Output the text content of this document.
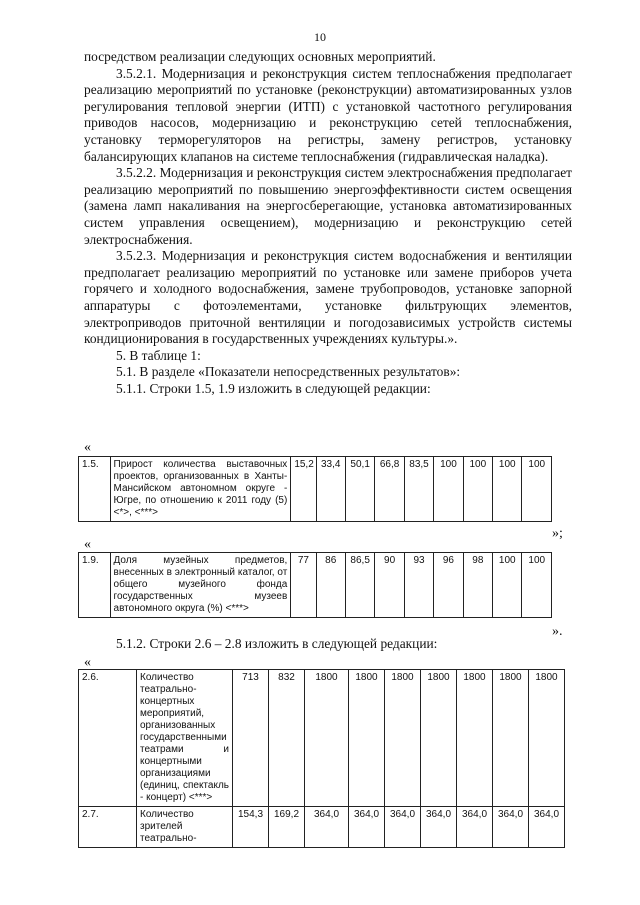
10

посредством реализации следующих основных мероприятий.

3.5.2.1. Модернизация и реконструкция систем теплоснабжения предполагает реализацию мероприятий по установке (реконструкции) автоматизированных узлов регулирования тепловой энергии (ИТП) с установкой частотного регулирования приводов насосов, модернизацию и реконструкцию сетей теплоснабжения, установку терморегуляторов на регистры, замену регистров, установку балансирующих клапанов на системе теплоснабжения (гидравлическая наладка).

3.5.2.2. Модернизация и реконструкция систем электроснабжения предполагает реализацию мероприятий по повышению энергоэффективности систем освещения (замена ламп накаливания на энергосберегающие, установка автоматизированных систем управления освещением), модернизацию и реконструкцию сетей электроснабжения.

3.5.2.3. Модернизация и реконструкция систем водоснабжения и вентиляции предполагает реализацию мероприятий по установке или замене приборов учета горячего и холодного водоснабжения, замене трубопроводов, установке запорной аппаратуры с фотоэлементами, установке фильтрующих элементов, электроприводов приточной вентиляции и погодозависимых устройств системы кондиционирования в государственных учреждениях культуры.».

5. В таблице 1:

5.1. В разделе «Показатели непосредственных результатов»:

5.1.1. Строки 1.5, 1.9 изложить в следующей редакции:

«
1.5.	Прирост количества выставочных проектов, организованных в Ханты-Мансийском автономном округе - Югре, по отношению к 2011 году (5) <*>, <***>	15,2	33,4	50,1	66,8	83,5	100	100	100	100
»;
«
1.9.	Доля музейных предметов, внесенных в электронный каталог, от общего музейного фонда государственных музеев автономного округа (%) <***>	77	86	86,5	90	93	96	98	100	100
».

5.1.2. Строки 2.6 – 2.8 изложить в следующей редакции:

«
2.6.	Количество театрально-концертных мероприятий, организованных государственными театрами и концертными организациями (единиц, спектакль - концерт) <***>	713	832	1800	1800	1800	1800	1800	1800	1800
2.7.	Количество зрителей театрально-	154,3	169,2	364,0	364,0	364,0	364,0	364,0	364,0	364,0
